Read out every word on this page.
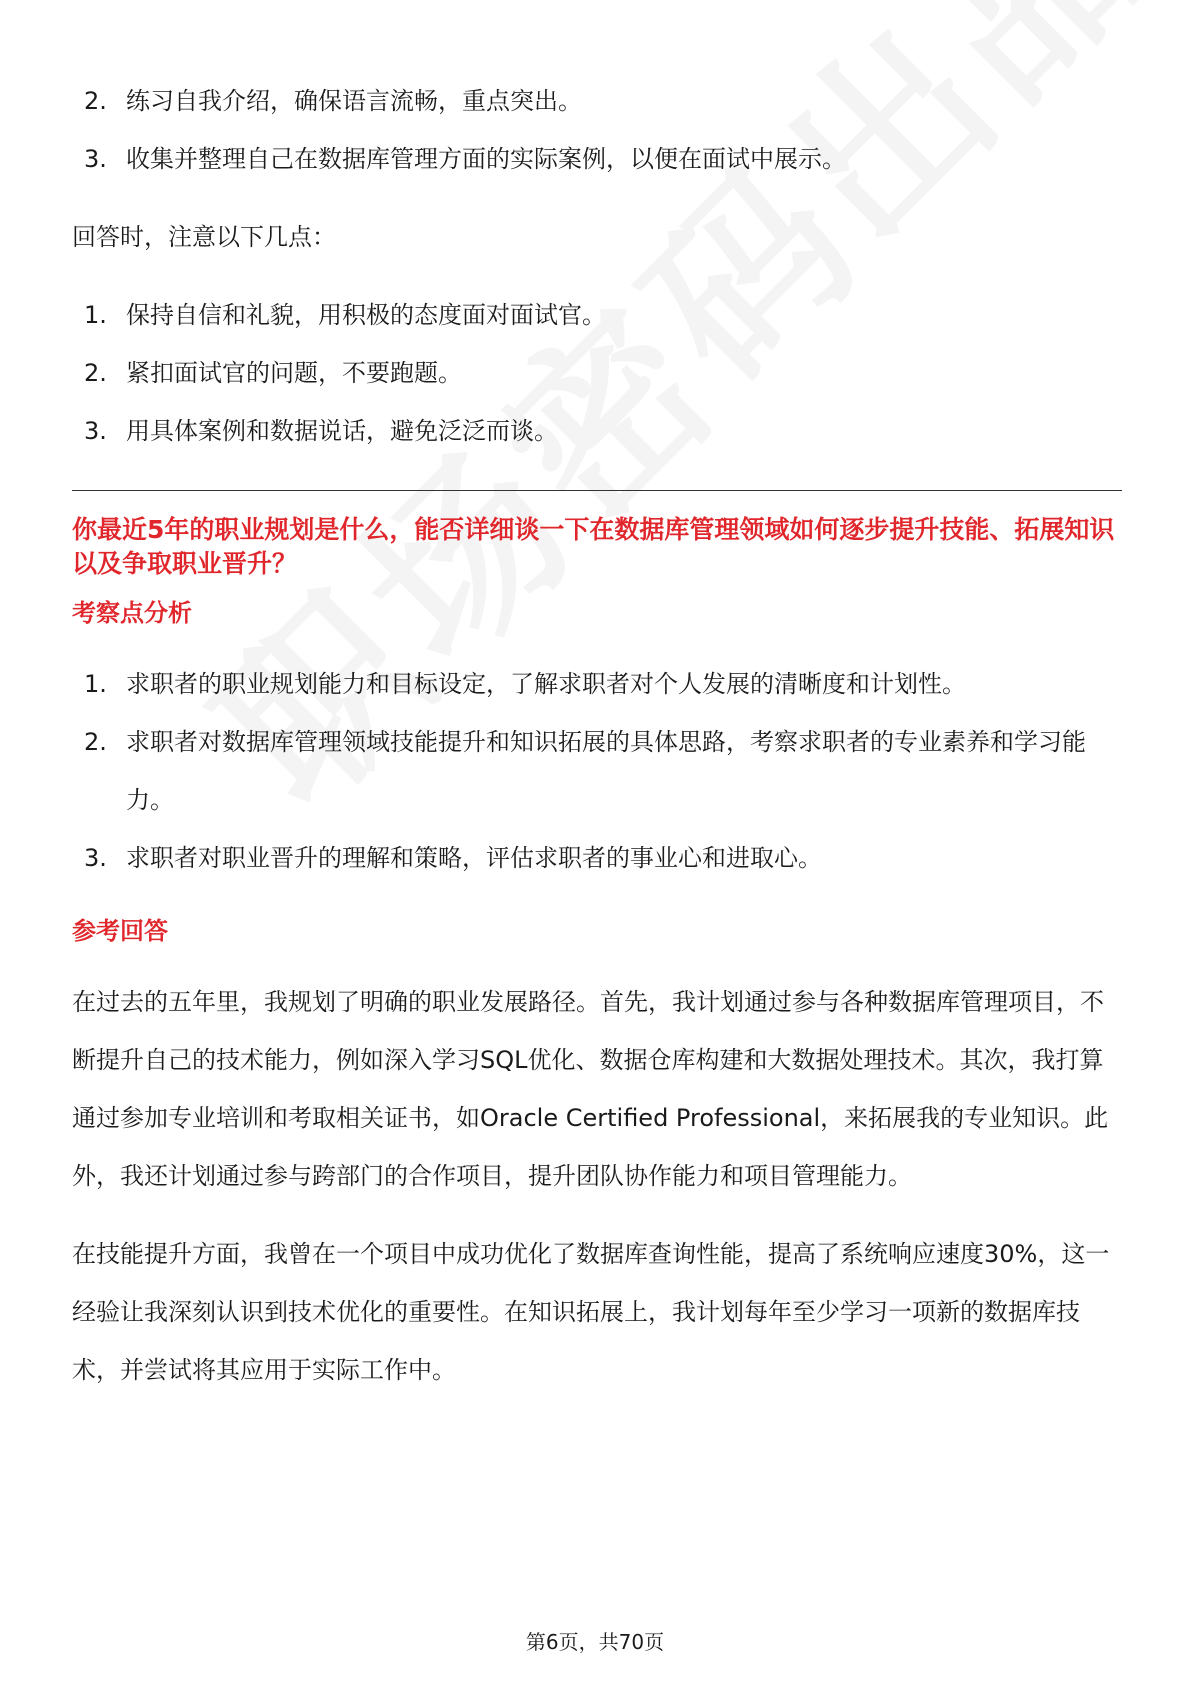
2. 练习自我介绍，确保语言流畅，重点突出。
3. 收集并整理自己在数据库管理方面的实际案例，以便在面试中展示。

回答时，注意以下几点：

1. 保持自信和礼貌，用积极的态度面对面试官。
2. 紧扣面试官的问题，不要跑题。
3. 用具体案例和数据说话，避免泛泛而谈。

你最近5年的职业规划是什么，能否详细谈一下在数据库管理领域如何逐步提升技能、拓展知识以及争取职业晋升？

考察点分析

1. 求职者的职业规划能力和目标设定，了解求职者对个人发展的清晰度和计划性。
2. 求职者对数据库管理领域技能提升和知识拓展的具体思路，考察求职者的专业素养和学习能力。
3. 求职者对职业晋升的理解和策略，评估求职者的事业心和进取心。

参考回答

在过去的五年里，我规划了明确的职业发展路径。首先，我计划通过参与各种数据库管理项目，不断提升自己的技术能力，例如深入学习SQL优化、数据仓库构建和大数据处理技术。其次，我打算通过参加专业培训和考取相关证书，如Oracle Certified Professional，来拓展我的专业知识。此外，我还计划通过参与跨部门的合作项目，提升团队协作能力和项目管理能力。

在技能提升方面，我曾在一个项目中成功优化了数据库查询性能，提高了系统响应速度30%，这一经验让我深刻认识到技术优化的重要性。在知识拓展上，我计划每年至少学习一项新的数据库技术，并尝试将其应用于实际工作中。

第6页，共70页
